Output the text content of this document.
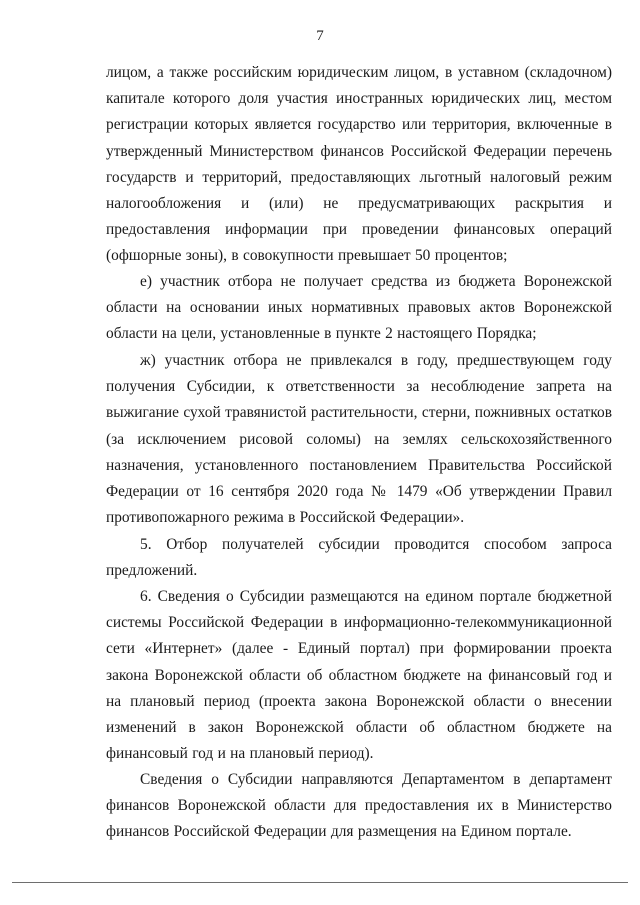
7

лицом, а также российским юридическим лицом, в уставном (складочном) капитале которого доля участия иностранных юридических лиц, местом регистрации которых является государство или территория, включенные в утвержденный Министерством финансов Российской Федерации перечень государств и территорий, предоставляющих льготный налоговый режим налогообложения и (или) не предусматривающих раскрытия и предоставления информации при проведении финансовых операций (офшорные зоны), в совокупности превышает 50 процентов;

е) участник отбора не получает средства из бюджета Воронежской области на основании иных нормативных правовых актов Воронежской области на цели, установленные в пункте 2 настоящего Порядка;

ж) участник отбора не привлекался в году, предшествующем году получения Субсидии, к ответственности за несоблюдение запрета на выжигание сухой травянистой растительности, стерни, пожнивных остатков (за исключением рисовой соломы) на землях сельскохозяйственного назначения, установленного постановлением Правительства Российской Федерации от 16 сентября 2020 года № 1479 «Об утверждении Правил противопожарного режима в Российской Федерации».

5. Отбор получателей субсидии проводится способом запроса предложений.

6. Сведения о Субсидии размещаются на едином портале бюджетной системы Российской Федерации в информационно-телекоммуникационной сети «Интернет» (далее - Единый портал) при формировании проекта закона Воронежской области об областном бюджете на финансовый год и на плановый период (проекта закона Воронежской области о внесении изменений в закон Воронежской области об областном бюджете на финансовый год и на плановый период).

Сведения о Субсидии направляются Департаментом в департамент финансов Воронежской области для предоставления их в Министерство финансов Российской Федерации для размещения на Едином портале.
